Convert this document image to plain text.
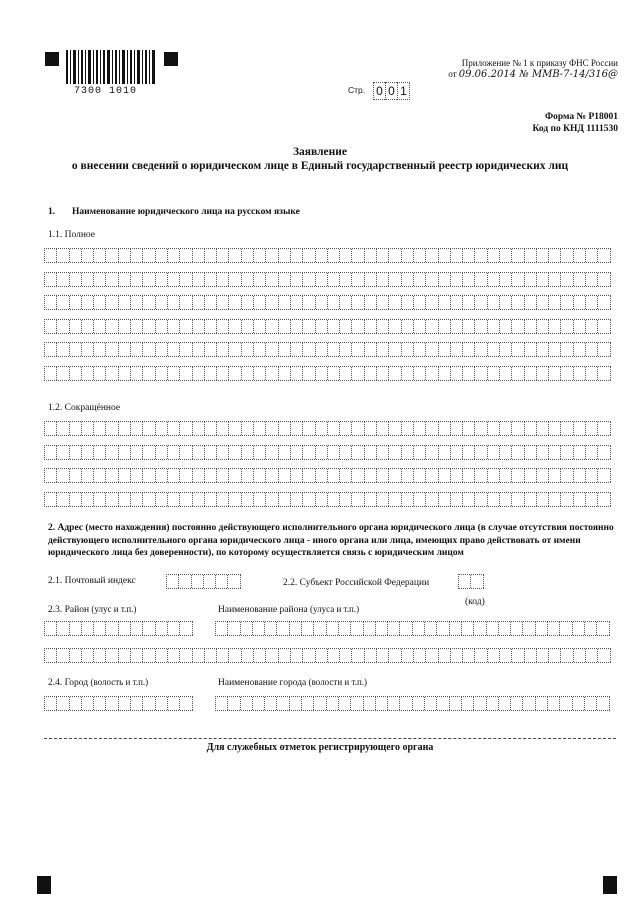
7300 1010
Приложение № 1 к приказу ФНС России
от 09.06.2014 № ММВ-7-14/316@
Стр. 0 0 1
Форма № Р18001
Код по КНД 1111530
Заявление
о внесении сведений о юридическом лице в Единый государственный реестр юридических лиц
1. Наименование юридического лица на русском языке
1.1. Полное
1.2. Сокращённое
2. Адрес (место нахождения) постоянно действующего исполнительного органа юридического лица (в случае отсутствия постоянно действующего исполнительного органа юридического лица - иного органа или лица, имеющих право действовать от имени юридического лица без доверенности), по которому осуществляется связь с юридическим лицом
2.1. Почтовый индекс	2.2. Субъект Российской Федерации
(код)
2.3. Район (улус и т.п.)	Наименование района (улуса и т.п.)
2.4. Город (волость и т.п.)	Наименование города (волости и т.п.)
Для служебных отметок регистрирующего органа
